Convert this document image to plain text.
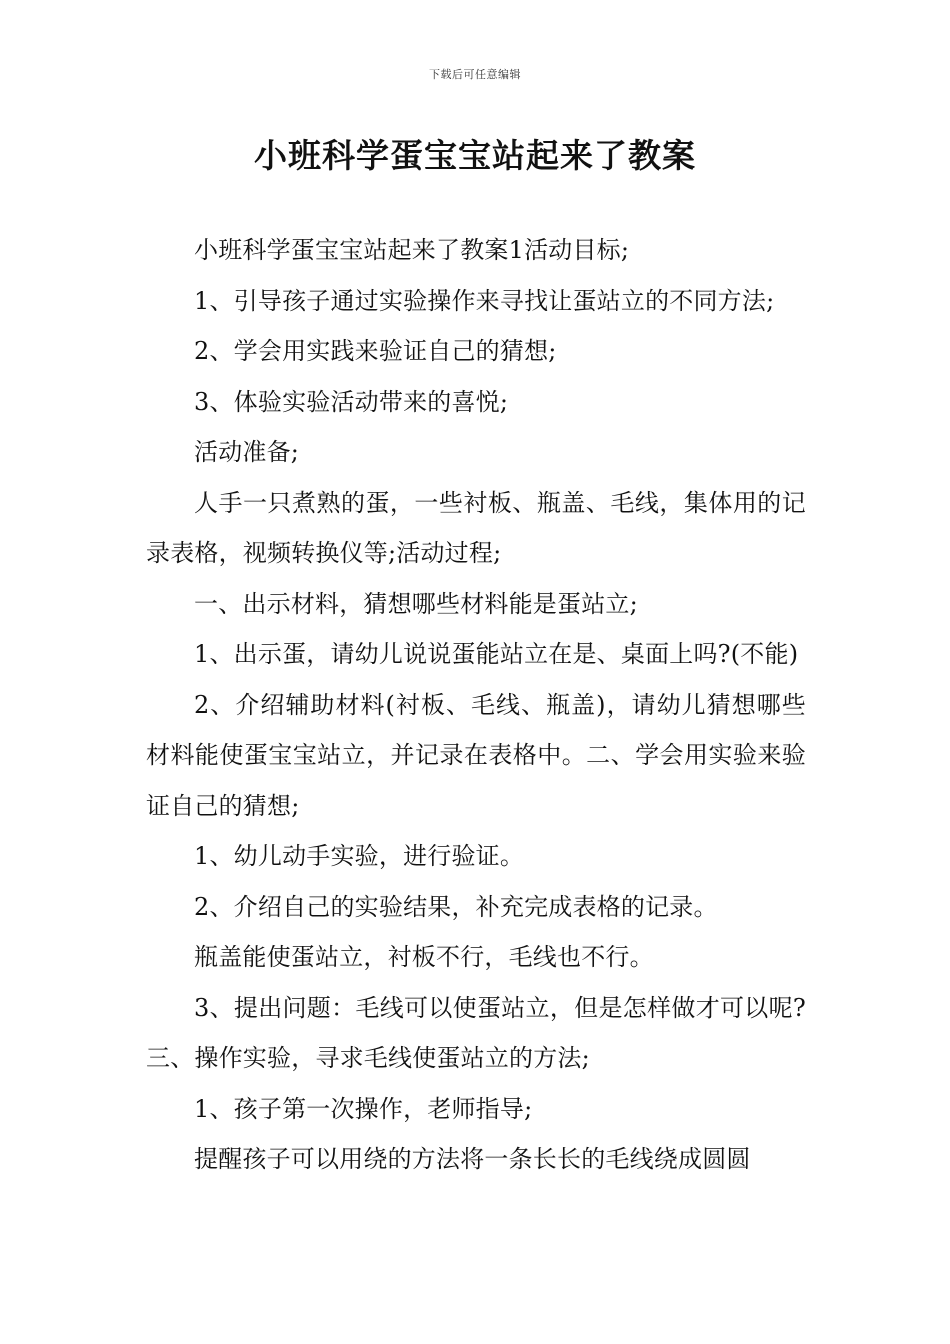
下载后可任意编辑
小班科学蛋宝宝站起来了教案

小班科学蛋宝宝站起来了教案1活动目标;

1、引导孩子通过实验操作来寻找让蛋站立的不同方法;

2、学会用实践来验证自己的猜想;

3、体验实验活动带来的喜悦;

活动准备;

人手一只煮熟的蛋，一些衬板、瓶盖、毛线，集体用的记录表格，视频转换仪等;活动过程;

一、出示材料，猜想哪些材料能是蛋站立;

1、出示蛋，请幼儿说说蛋能站立在是、桌面上吗?(不能)

2、介绍辅助材料(衬板、毛线、瓶盖)，请幼儿猜想哪些材料能使蛋宝宝站立，并记录在表格中。二、学会用实验来验证自己的猜想;

1、幼儿动手实验，进行验证。

2、介绍自己的实验结果，补充完成表格的记录。

瓶盖能使蛋站立，衬板不行，毛线也不行。

3、提出问题：毛线可以使蛋站立，但是怎样做才可以呢?三、操作实验，寻求毛线使蛋站立的方法;

1、孩子第一次操作，老师指导;

提醒孩子可以用绕的方法将一条长长的毛线绕成圆圆
